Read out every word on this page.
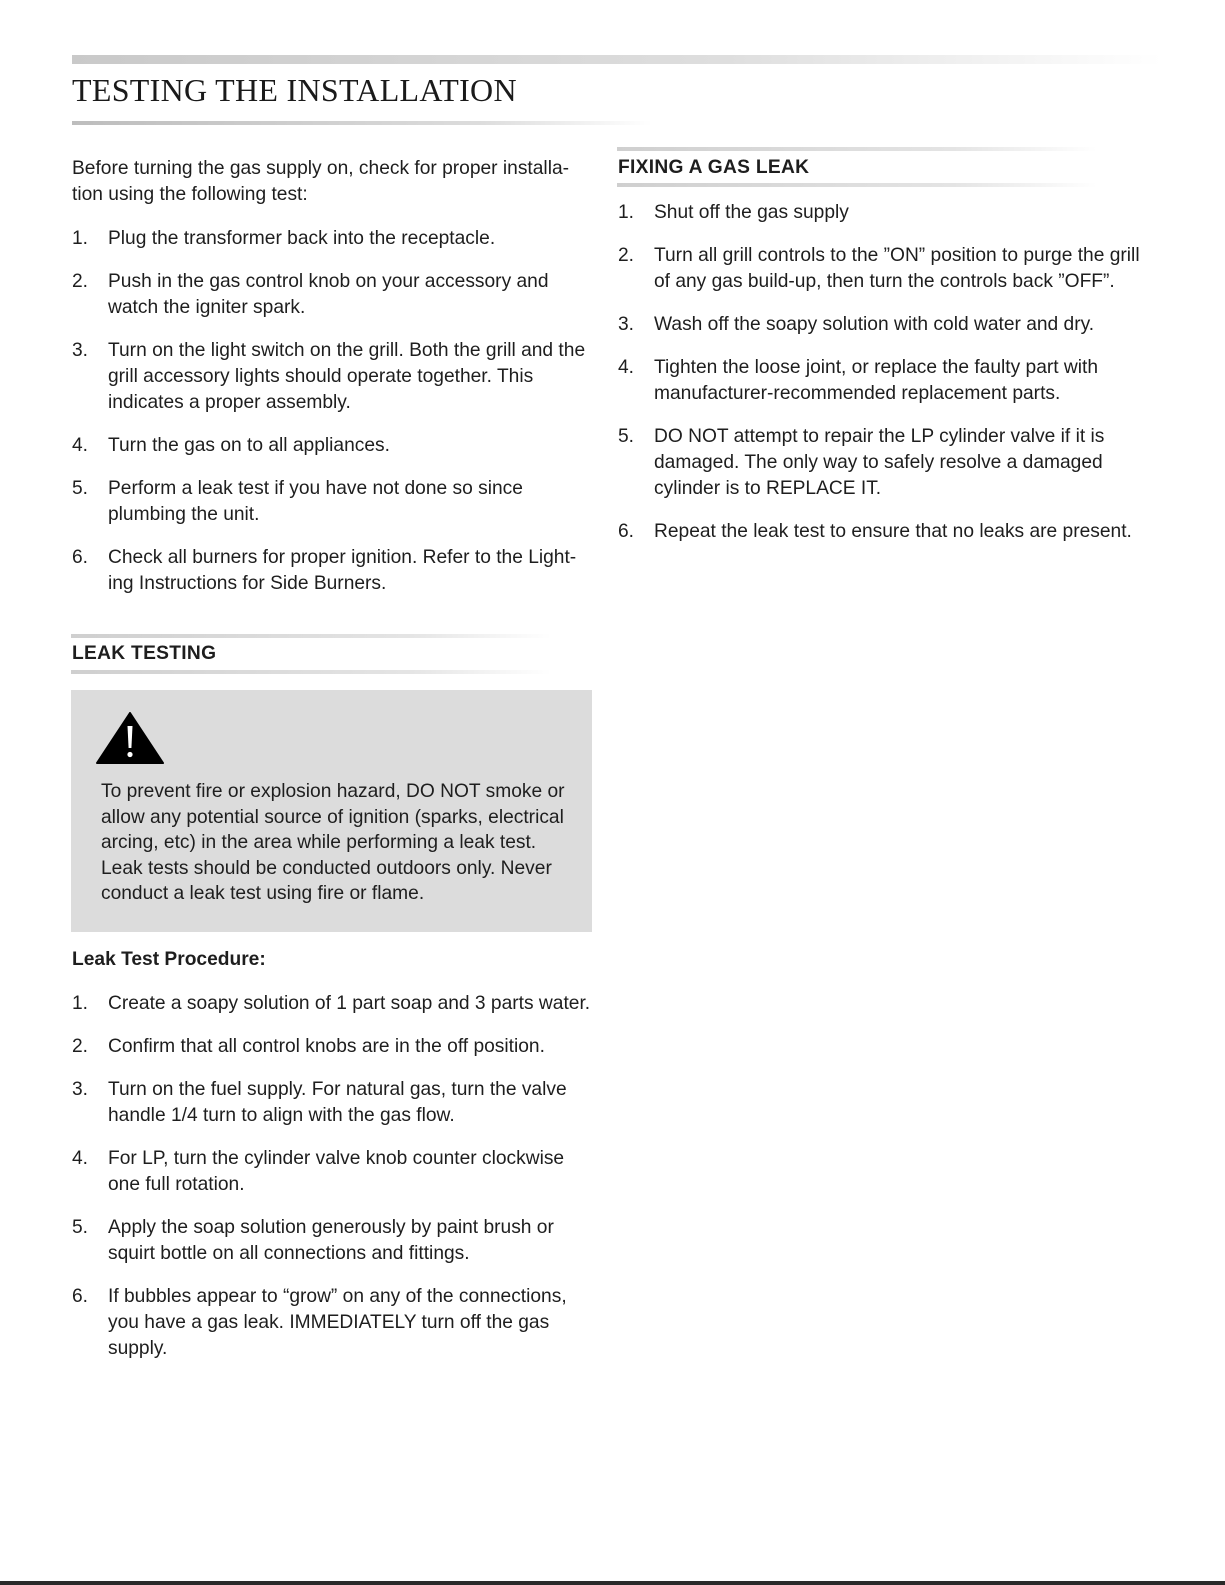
TESTING THE INSTALLATION

Before turning the gas supply on, check for proper installa-tion using the following test:

1. Plug the transformer back into the receptacle.
2. Push in the gas control knob on your accessory and watch the igniter spark.
3. Turn on the light switch on the grill. Both the grill and the grill accessory lights should operate together. This indicates a proper assembly.
4. Turn the gas on to all appliances.
5. Perform a leak test if you have not done so since plumbing the unit.
6. Check all burners for proper ignition. Refer to the Light-ing Instructions for Side Burners.
LEAK TESTING

To prevent fire or explosion hazard, DO NOT smoke or allow any potential source of ignition (sparks, electrical arcing, etc) in the area while performing a leak test. Leak tests should be conducted outdoors only. Never conduct a leak test using fire or flame.

Leak Test Procedure:
1. Create a soapy solution of 1 part soap and 3 parts water.
2. Confirm that all control knobs are in the off position.
3. Turn on the fuel supply. For natural gas, turn the valve handle 1/4 turn to align with the gas flow.
4. For LP, turn the cylinder valve knob counter clockwise one full rotation.
5. Apply the soap solution generously by paint brush or squirt bottle on all connections and fittings.
6. If bubbles appear to “grow” on any of the connections, you have a gas leak. IMMEDIATELY turn off the gas supply.
FIXING A GAS LEAK
1. Shut off the gas supply
2. Turn all grill controls to the ”ON” position to purge the grill of any gas build-up, then turn the controls back ”OFF”.
3. Wash off the soapy solution with cold water and dry.
4. Tighten the loose joint, or replace the faulty part with manufacturer-recommended replacement parts.
5. DO NOT attempt to repair the LP cylinder valve if it is damaged. The only way to safely resolve a damaged cylinder is to REPLACE IT.
6. Repeat the leak test to ensure that no leaks are present.
